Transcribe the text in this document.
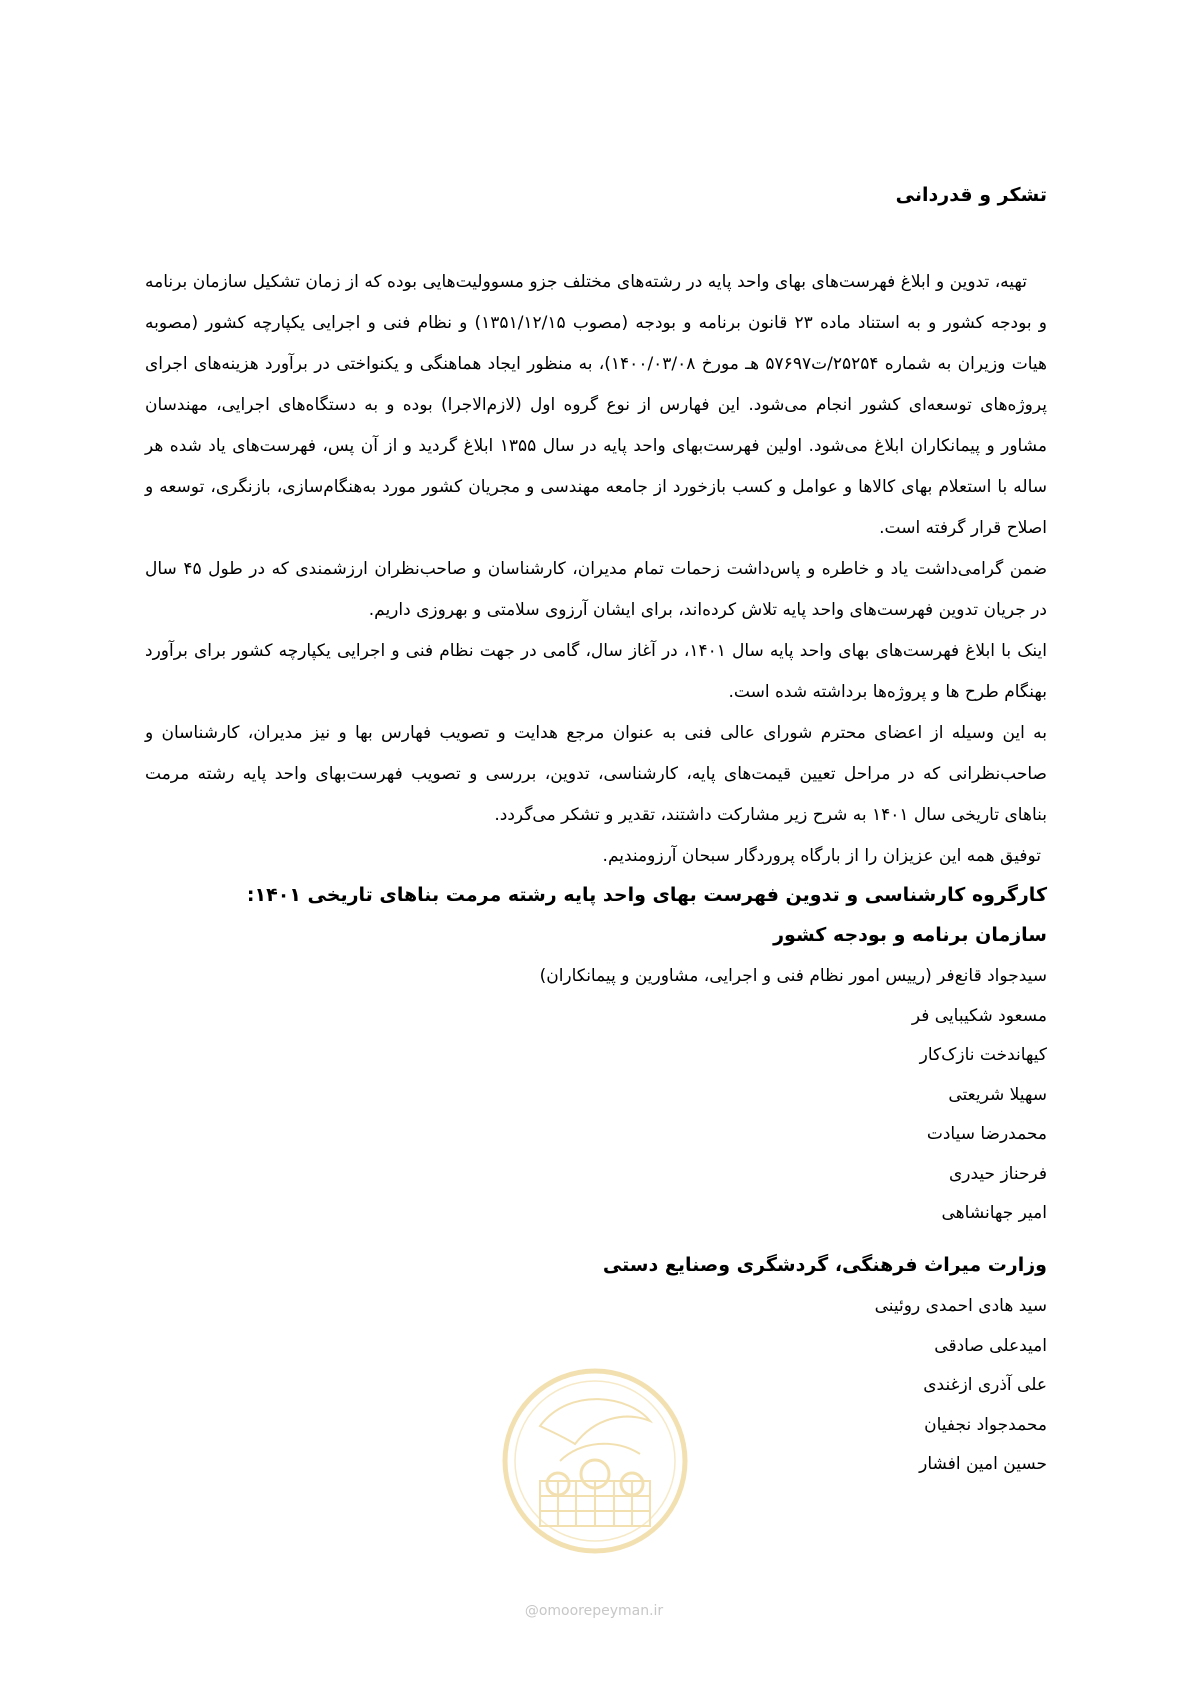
تشکر و قدردانی

تهیه، تدوین و ابلاغ فهرست‌های بهای واحد پایه در رشته‌های مختلف جزو مسوولیت‌هایی بوده که از زمان تشکیل سازمان برنامه و بودجه کشور و به استناد ماده ۲۳ قانون برنامه و بودجه (مصوب ۱۳۵۱/۱۲/۱۵) و نظام فنی و اجرایی یکپارچه کشور (مصوبه هیات وزیران به شماره ۲۵۲۵۴/ت۵۷۶۹۷ هـ مورخ ۱۴۰۰/۰۳/۰۸)، به منظور ایجاد هماهنگی و یکنواختی در برآورد هزینه‌های اجرای پروژه‌های توسعه‌ای کشور انجام می‌شود. این فهارس از نوع گروه اول (لازم‌الاجرا) بوده و به دستگاه‌های اجرایی، مهندسان مشاور و پیمانکاران ابلاغ می‌شود. اولین فهرست‌بهای واحد پایه در سال ۱۳۵۵ ابلاغ گردید و از آن پس، فهرست‌های یاد شده هر ساله با استعلام بهای کالاها و عوامل و کسب بازخورد از جامعه مهندسی و مجریان کشور مورد به‌هنگام‌سازی، بازنگری، توسعه و اصلاح قرار گرفته است.

ضمن گرامی‌داشت یاد و خاطره و پاس‌داشت زحمات تمام مدیران، کارشناسان و صاحب‌نظران ارزشمندی که در طول ۴۵ سال در جریان تدوین فهرست‌های واحد پایه تلاش کرده‌اند، برای ایشان آرزوی سلامتی و بهروزی داریم.

اینک با ابلاغ فهرست‌های بهای واحد پایه سال ۱۴۰۱، در آغاز سال، گامی در جهت نظام فنی و اجرایی یکپارچه کشور برای برآورد بهنگام طرح ها و پروژه‌ها برداشته شده است.

به این وسیله از اعضای محترم شورای عالی فنی به عنوان مرجع هدایت و تصویب فهارس بها و نیز مدیران، کارشناسان و صاحب‌نظرانی که در مراحل تعیین قیمت‌های پایه، کارشناسی، تدوین، بررسی و تصویب فهرست‌بهای واحد پایه رشته مرمت بناهای تاریخی سال ۱۴۰۱ به شرح زیر مشارکت داشتند، تقدیر و تشکر می‌گردد.

توفیق همه این عزیزان را از بارگاه پروردگار سبحان آرزومندیم.

کارگروه کارشناسی و تدوین فهرست بهای واحد پایه رشته مرمت بناهای تاریخی ۱۴۰۱:
سازمان برنامه و بودجه کشور
سیدجواد قانع‌فر (رییس امور نظام فنی و اجرایی، مشاورین و پیمانکاران)
مسعود شکیبایی فر
کیهاندخت نازک‌کار
سهیلا شریعتی
محمدرضا سیادت
فرحناز حیدری
امیر جهانشاهی
وزارت میراث فرهنگی، گردشگری وصنایع دستی
سید هادی احمدی روئینی
امیدعلی صادقی
علی آذری ازغندی
محمدجواد نجفیان
حسین امین افشار
@omoorepeyman.ir
